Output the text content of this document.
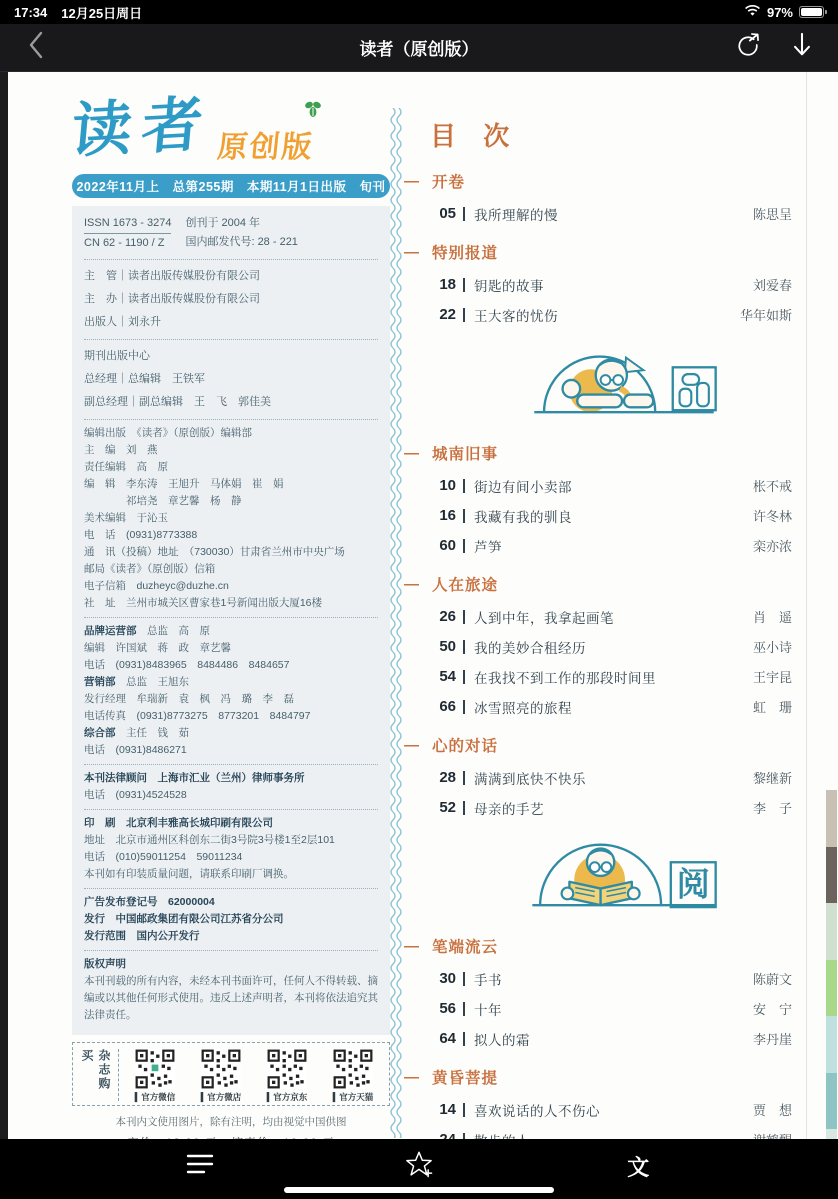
17:34 12月25日周日	97%
读者（原创版）
读者 原创版
2022年11月上　总第255期　本期11月1日出版　旬刊
ISSN 1673 - 3274
CN 62 - 1190 / Z
创刊于 2004 年
国内邮发代号: 28 - 221
主　管｜读者出版传媒股份有限公司
主　办｜读者出版传媒股份有限公司
出版人｜刘永升
期刊出版中心
总经理｜总编辑　王铁军
副总经理｜副总编辑　王　飞　郭佳美
编辑出版　《读者》（原创版）编辑部
主　编　刘　燕
责任编辑　高　原
编　辑　李东涛　王旭升　马体娟　崔　娟
　　　　祁培尧　章艺馨　杨　静
美术编辑　于沁玉
电　话　(0931)8773388
通　讯（投稿）地址　（730030）甘肃省兰州市中央广场
邮局《读者》（原创版）信箱
电子信箱　duzheyc@duzhe.cn
社　址　兰州市城关区曹家巷1号新闻出版大厦16楼
品牌运营部　总监　高　原
编辑　许国斌　蒋　政　章艺馨
电话　(0931)8483965　8484486　8484657
营销部　总监　王旭东
发行经理　牟瑞新　袁　枫　冯　璐　李　磊
电话传真　(0931)8773275　8773201　8484797
综合部　主任　钱　茹
电话　(0931)8486271
本刊法律顾问　上海市汇业（兰州）律师事务所
电话　(0931)4524528
印　刷　北京利丰雅高长城印刷有限公司
地址　北京市通州区科创东二街3号院3号楼1至2层101
电话　(010)59011254　59011234
本刊如有印装质量问题，请联系印刷厂调换。
广告发布登记号　62000004
发行　中国邮政集团有限公司江苏省分公司
发行范围　国内公开发行
版权声明
本刊刊载的所有内容，未经本刊书面许可，任何人不得转载、摘编或以其他任何形式使用。违反上述声明者，本刊将依法追究其法律责任。
杂志购买
▍官方微信	▍官方微店	▍官方京东	▍官方天猫
本刊内文使用图片，除有注明，均由视觉中国供图
目 次
— 开卷
05 我所理解的慢	陈思呈
— 特别报道
18 钥匙的故事	刘爱春
22 王大客的忧伤	华年如斯
— 城南旧事
10 街边有间小卖部	枨不戒
16 我藏有我的驯良	许冬林
60 芦笋	栾亦浓
— 人在旅途
26 人到中年，我拿起画笔	肖　遥
50 我的美妙合租经历	巫小诗
54 在我找不到工作的那段时间里	王宇昆
66 冰雪照亮的旅程	虹　珊
— 心的对话
28 满满到底快不快乐	黎继新
52 母亲的手艺	李　子
阅
— 笔端流云
30 手书	陈蔚文
56 十年	安　宁
64 拟人的霜	李丹崖
— 黄昏菩提
14 喜欢说话的人不伤心	贾　想
文
